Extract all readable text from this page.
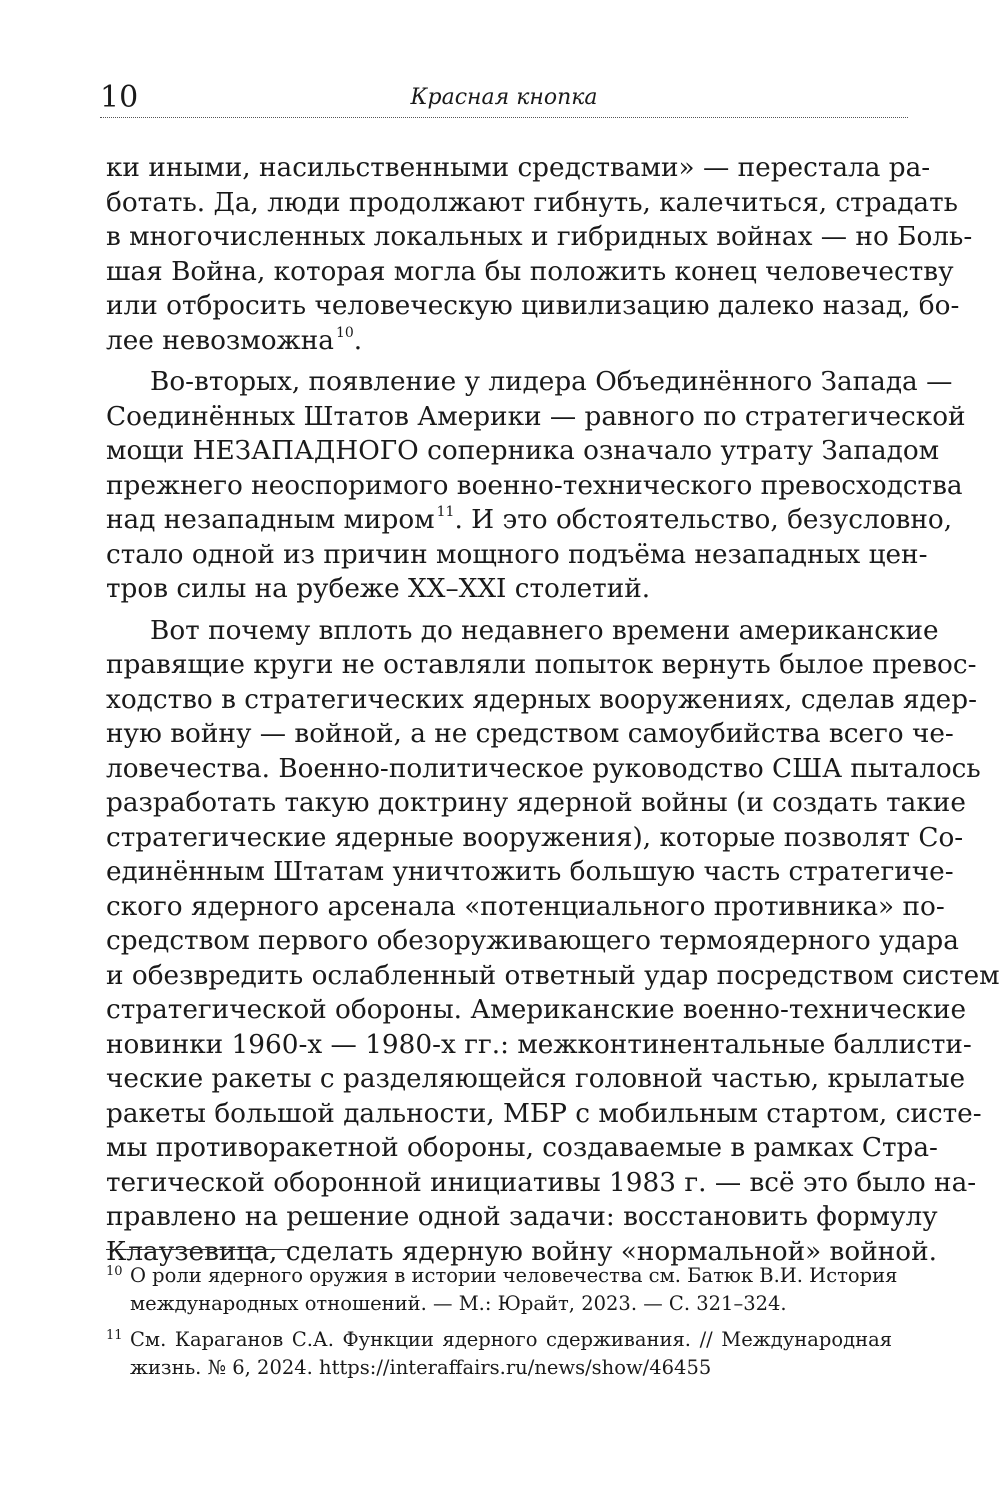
10	Красная кнопка
ки иными, насильственными средствами» — перестала ра-
ботать. Да, люди продолжают гибнуть, калечиться, страдать
в многочисленных локальных и гибридных войнах — но Боль-
шая Война, которая могла бы положить конец человечеству
или отбросить человеческую цивилизацию далеко назад, бо-
лее невозможна $^{10}$.
Во-вторых, появление у лидера Объединённого Запада —
Соединённых Штатов Америки — равного по стратегической
мощи НЕЗАПАДНОГО соперника означало утрату Западом
прежнего неоспоримого военно-технического превосходства
над незападным миром $^{11}$. И это обстоятельство, безусловно,
стало одной из причин мощного подъёма незападных цен-
тров силы на рубеже XX–XXI столетий.
Вот почему вплоть до недавнего времени американские
правящие круги не оставляли попыток вернуть былое превос-
ходство в стратегических ядерных вооружениях, сделав ядер-
ную войну — войной, а не средством самоубийства всего че-
ловечества. Военно-политическое руководство США пыталось
разработать такую доктрину ядерной войны (и создать такие
стратегические ядерные вооружения), которые позволят Со-
единённым Штатам уничтожить большую часть стратегиче-
ского ядерного арсенала «потенциального противника» по-
средством первого обезоруживающего термоядерного удара
и обезвредить ослабленный ответный удар посредством систем
стратегической обороны. Американские военно-технические
новинки 1960-х — 1980-х гг.: межконтинентальные баллисти-
ческие ракеты с разделяющейся головной частью, крылатые
ракеты большой дальности, МБР с мобильным стартом, систе-
мы противоракетной обороны, создаваемые в рамках Стра-
тегической оборонной инициативы 1983 г. — всё это было на-
правлено на решение одной задачи: восстановить формулу
Клаузевица, сделать ядерную войну «нормальной» войной.
10 О роли ядерного оружия в истории человечества см. Батюк В.И. История
международных отношений. — М.: Юрайт, 2023. — С. 321–324.
11 См. Караганов С.А. Функции ядерного сдерживания. // Международная
жизнь. № 6, 2024. https://interaffairs.ru/news/show/46455
